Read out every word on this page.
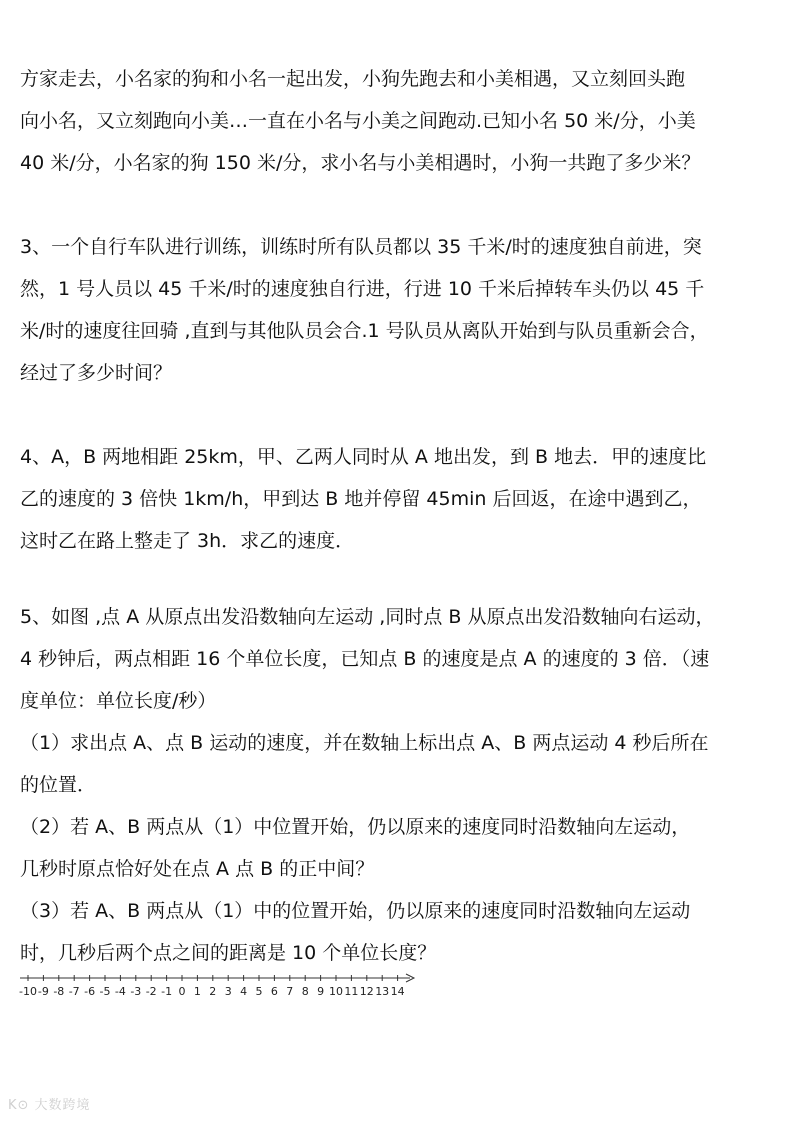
方家走去，小名家的狗和小名一起出发，小狗先跑去和小美相遇，又立刻回头跑
向小名，又立刻跑向小美…一直在小名与小美之间跑动.已知小名 50 米/分，小美
40 米/分，小名家的狗 150 米/分，求小名与小美相遇时，小狗一共跑了多少米？
3、一个自行车队进行训练，训练时所有队员都以 35 千米/时的速度独自前进，突
然，1 号人员以 45 千米/时的速度独自行进，行进 10 千米后掉转车头仍以 45 千
米/时的速度往回骑 ,直到与其他队员会合.1 号队员从离队开始到与队员重新会合，
经过了多少时间？
4、A，B 两地相距 25km，甲、乙两人同时从 A 地出发，到 B 地去．甲的速度比
乙的速度的 3 倍快 1km/h，甲到达 B 地并停留 45min 后回返，在途中遇到乙，
这时乙在路上整走了 3h．求乙的速度．
5、如图 ,点 A 从原点出发沿数轴向左运动 ,同时点 B 从原点出发沿数轴向右运动，
4 秒钟后，两点相距 16 个单位长度，已知点 B 的速度是点 A 的速度的 3 倍．（速
度单位：单位长度/秒）
（1）求出点 A、点 B 运动的速度，并在数轴上标出点 A、B 两点运动 4 秒后所在
的位置．
（2）若 A、B 两点从（1）中位置开始，仍以原来的速度同时沿数轴向左运动，
几秒时原点恰好处在点 A 点 B 的正中间？
（3）若 A、B 两点从（1）中的位置开始，仍以原来的速度同时沿数轴向左运动
时，几秒后两个点之间的距离是 10 个单位长度？
-10 -9 -8 -7 -6 -5 -4 -3 -2 -1 0 1 2 3 4 5 6 7 8 9 10 11 12 13 14
K⊙ 大数跨境
